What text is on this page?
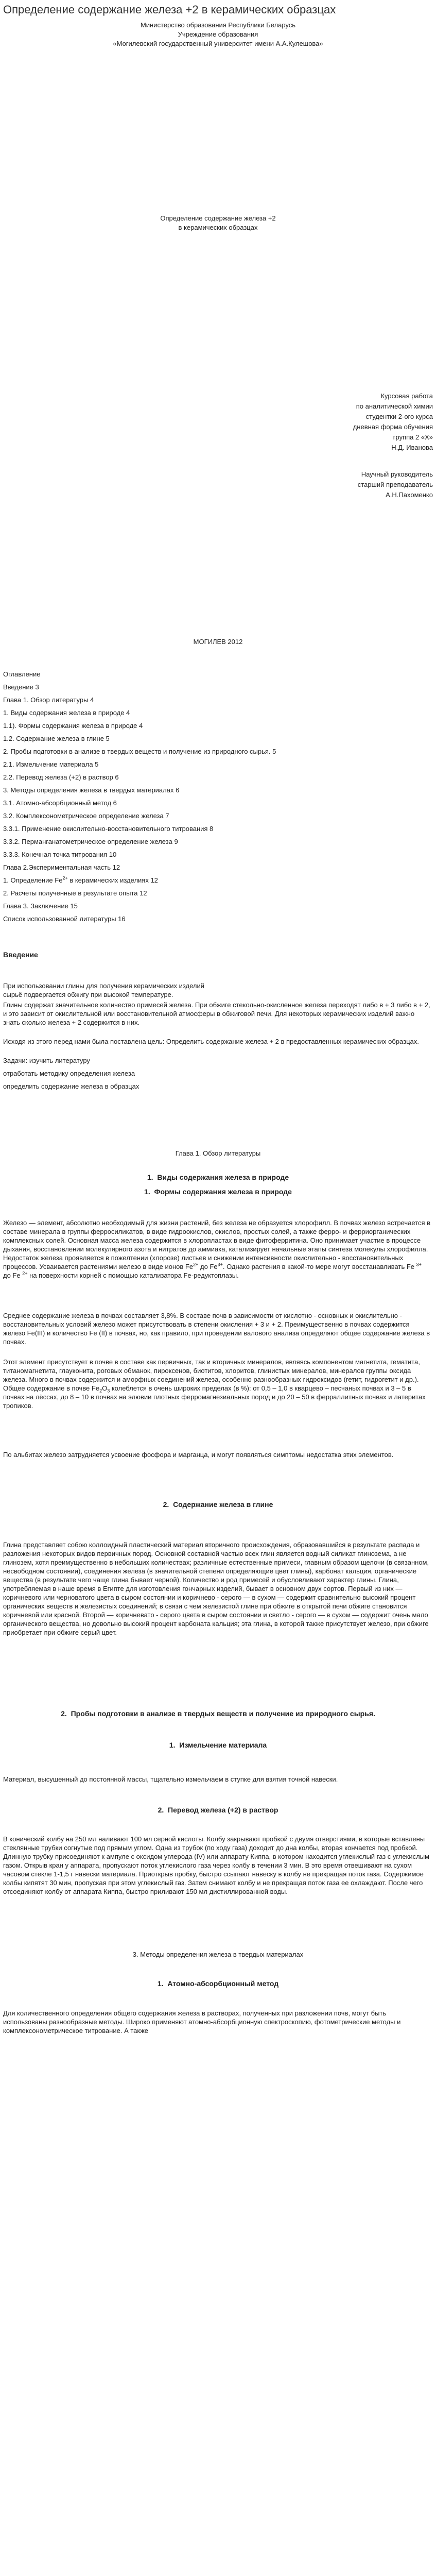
Определение содержание железа +2 в керамических образцах
Министерство образования Республики Беларусь
Учреждение образования
«Могилевский государственный университет имени А.А.Кулешова»
Определение содержание железа +2
в керамических образцах
Курсовая работа
по аналитической химии
студентки 2-ого курса
дневная форма обучения
группа 2 «Х»
Н.Д. Иванова
Научный руководитель
старший преподаватель
А.Н.Пахоменко
МОГИЛЕВ 2012
Оглавление
Введение 3
Глава 1. Обзор литературы 4
1. Виды содержания железа в природе 4
1.1). Формы содержания железа в природе 4
1.2. Содержание железа в глине 5
2. Пробы подготовки в анализе в твердых веществ и получение из природного сырья. 5
2.1. Измельчение материала 5
2.2. Перевод железа (+2) в раствор 6
3. Методы определения железа в твердых материалах 6
3.1. Атомно-абсорбционный метод 6
3.2. Комплексонометрическое определение железа 7
3.3.1. Применение окислительно-восстановительного титрования 8
3.3.2. Перманганатометрическое определение железа 9
3.3.3. Конечная точка титрования 10
Глава 2.Экспериментальная часть 12
1. Определение $Fe^{2+}$ в керамических изделиях 12
2. Расчеты полученные в результате опыта 12
Глава 3. Заключение 15
Список использованной литературы 16
Введение
При использовании глины для получения керамических изделий сырьё подвергается обжигу при высокой температуре.
Глины содержат значительное количество примесей железа. При обжиге стекольно-окисленное железа переходят либо в + 3 либо в + 2, и это зависит от окислительной или восстановительной атмосферы в обжиговой печи. Для некоторых керамических изделий важно знать сколько железа + 2 содержится в них.
Исходя из этого перед нами была поставлена цель: Определить содержание железа + 2 в предоставленных керамических образцах.
Задачи: изучить литературу
отработать методику определения железа
определить содержание железа в образцах
Глава 1. Обзор литературы
1. Виды содержания железа в природе
1. Формы содержания железа в природе
Железо — элемент, абсолютно необходимый для жизни растений, без железа не образуется хлорофилл. В почвах железо встречается в составе минерала в группы ферросиликатов, в виде гидроокислов, окислов, простых солей, а также ферро- и ферриорганических комплексных солей. Основная масса железа содержится в хлоропластах в виде фитоферритина. Оно принимает участие в процессе дыхания, восстановлении молекулярного азота и нитратов до аммиака, катализирует начальные этапы синтеза молекулы хлорофилла. Недостаток железа проявляется в пожелтении (хлорозе) листьев и снижении интенсивности окислительно - восстановительных процессов. Усваивается растениями железо в виде ионов $Fe^{2+}$ до $Fe^{3+}$. Однако растения в какой-то мере могут восстанавливать Fe $^{3+}$ до Fe $^{2+}$ на поверхности корней с помощью катализатора Fe-редуктоплазы.
Среднее содержание железа в почвах составляет 3,8%. В составе почв в зависимости от кислотно - основных и окислительно - восстановительных условий железо может присутствовать в степени окисления + 3 и + 2. Преимущественно в почвах содержится железо Fe(III) и количество Fe (II) в почвах, но, как правило, при проведении валового анализа определяют общее содержание железа в почвах.
Этот элемент присутствует в почве в составе как первичных, так и вторичных минералов, являясь компонентом магнетита, гематита, титаномагнетита, глауконита, роговых обманок, пироксенов, биотитов, хлоритов, глинистых минералов, минералов группы оксида железа. Много в почвах содержится и аморфных соединений железа, особенно разнообразных гидроксидов (гетит, гидрогетит и др.). Общее содержание в почве $Fe_2O_3$ колеблется в очень широких пределах (в %): от 0,5 – 1,0 в кварцево – песчаных почвах и 3 – 5 в почвах на лёссах, до 8 – 10 в почвах на элювии плотных ферромагнезиальных пород и до 20 – 50 в ферраллитных почвах и латеритах тропиков.
По альбитах железо затрудняется усвоение фосфора и марганца, и могут появляться симптомы недостатка этих элементов.
2. Содержание железа в глине
Глина представляет собою коллоидный пластический материал вторичного происхождения, образовавшийся в результате распада и разложения некоторых видов первичных пород. Основной составной частью всех глин является водный силикат глинозема, а не глинозем, хотя преимущественно в небольших количествах; различные естественные примеси, главным образом щелочи (в связанном, несвободном состоянии), соединения железа (в значительной степени определяющие цвет глины), карбонат кальция, органические вещества (в результате чего чаще глина бывает черной). Количество и род примесей и обусловливают характер глины. Глина, употребляемая в наше время в Египте для изготовления гончарных изделий, бывает в основном двух сортов. Первый из них — коричневого или черноватого цвета в сыром состоянии и коричнево - серого — в сухом — содержит сравнительно высокий процент органических веществ и железистых соединений; в связи с чем железистой глине при обжиге в открытой печи обжиге становится коричневой или красной. Второй — коричневато - серого цвета в сыром состоянии и светло - серого — в сухом — содержит очень мало органического вещества, но довольно высокий процент карбоната кальция; эта глина, в которой также присутствует железо, при обжиге приобретает при обжиге серый цвет.
2. Пробы подготовки в анализе в твердых веществ и получение из природного сырья.
1. Измельчение материала
Материал, высушенный до постоянной массы, тщательно измельчаем в ступке для взятия точной навески.
2. Перевод железа (+2) в раствор
В конический колбу на 250 мл наливают 100 мл серной кислоты. Колбу закрывают пробкой с двумя отверстиями, в которые вставлены стеклянные трубки согнутые под прямым углом. Одна из трубок (по ходу газа) доходит до дна колбы, вторая кончается под пробкой. Длинную трубку присоединяют к ампуле с оксидом углерода (IV) или аппарату Киппа, в котором находится углекислый газ с углекислым газом. Открыв кран у аппарата, пропускают поток углекислого газа через колбу в течении 3 мин. В это время отвешивают на сухом часовом стекле 1-1,5 г навески материала. Приоткрыв пробку, быстро ссыпают навеску в колбу не прекращая поток газа. Содержимое колбы кипятят 30 мин, пропуская при этом углекислый газ. Затем снимают колбу и не прекращая поток газа ее охлаждают. После чего отсоединяют колбу от аппарата Киппа, быстро приливают 150 мл дистиллированной воды.
3. Методы определения железа в твердых материалах
1. Атомно-абсорбционный метод
Для количественного определения общего содержания железа в растворах, полученных при разложении почв, могут быть использованы разнообразные методы. Широко применяют атомно-абсорбционную спектроскопию, фотометрические методы и комплексонометрическое титрование. А также
